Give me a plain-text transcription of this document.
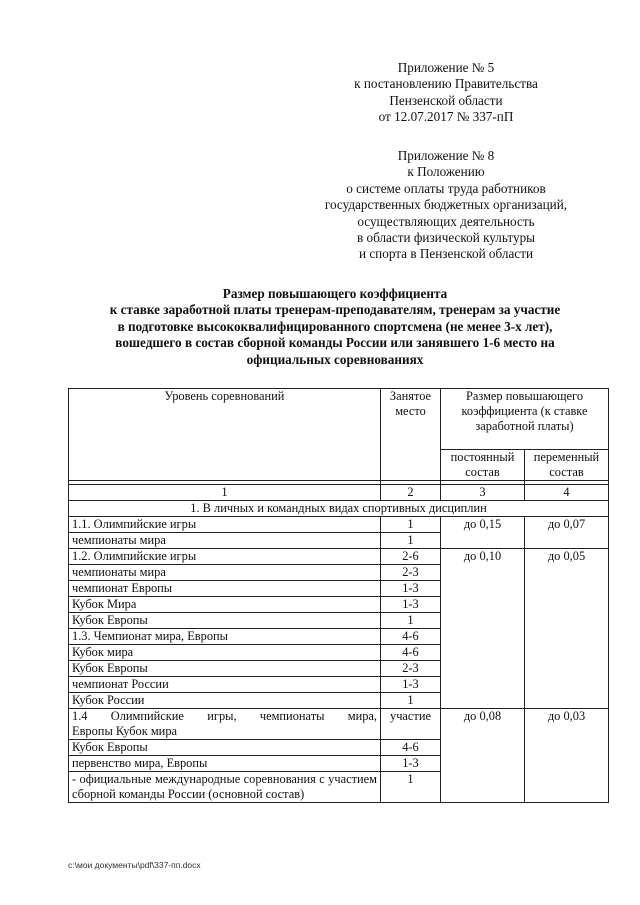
Приложение № 5
к постановлению Правительства
Пензенской области
от 12.07.2017 № 337-пП
Приложение № 8
к Положению
о системе оплаты труда работников
государственных бюджетных организаций,
осуществляющих деятельность
в области физической культуры
и спорта в Пензенской области
Размер повышающего коэффициента
к ставке заработной платы тренерам-преподавателям, тренерам за участие
в подготовке высококвалифицированного спортсмена (не менее 3-х лет),
вошедшего в состав сборной команды России или занявшего 1-6 место на
официальных соревнованиях
Уровень соревнований	Занятое место	Размер повышающего коэффициента (к ставке заработной платы)	
		постоянный состав	переменный состав

1	2	3	4
1. В личных и командных видах спортивных дисциплин			
1.1. Олимпийские игры	1	до 0,15	до 0,07
чемпионаты мира	1		
1.2. Олимпийские игры	2-6	до 0,10	до 0,05
чемпионаты мира	2-3		
чемпионат Европы	1-3		
Кубок Мира	1-3		
Кубок Европы	1		
1.3. Чемпионат мира, Европы	4-6		
Кубок мира	4-6		
Кубок Европы	2-3		
чемпионат России	1-3		
Кубок России	1		

1.4 Олимпийские игры, чемпионаты мира,
Европы Кубок мира	участие	до 0,08	до 0,03
Кубок Европы	4-6		
первенство мира, Европы	1-3		
- официальные международные соревнования с участием сборной команды России (основной состав)	1		
c:\мои документы\pdf\337-пп.docx
